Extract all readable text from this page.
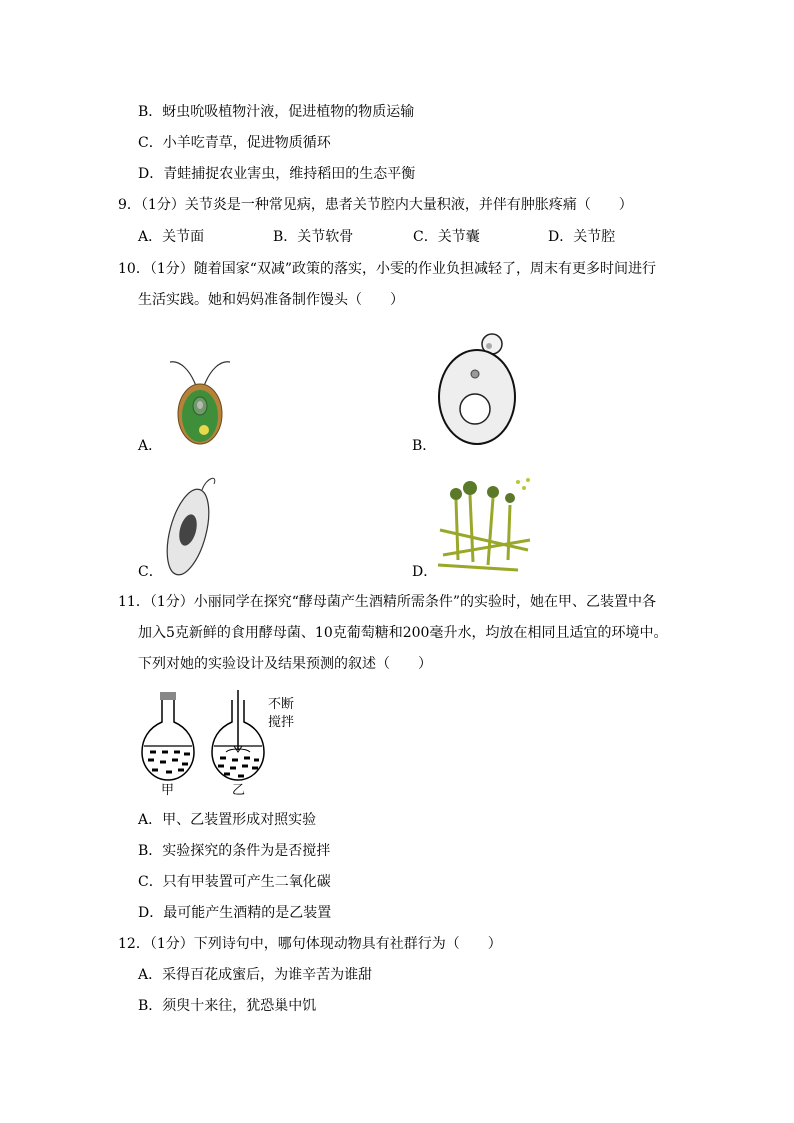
B．蚜虫吮吸植物汁液，促进植物的物质运输
C．小羊吃青草，促进物质循环
D．青蛙捕捉农业害虫，维持稻田的生态平衡
9．（1分）关节炎是一种常见病，患者关节腔内大量积液，并伴有肿胀疼痛（　　）
A．关节面	B．关节软骨	C．关节囊	D．关节腔
10．（1分）随着国家“双减”政策的落实，小雯的作业负担减轻了，周末有更多时间进行
生活实践。她和妈妈准备制作馒头（　　）
A．	B．
C．	D．
11．（1分）小丽同学在探究“酵母菌产生酒精所需条件”的实验时，她在甲、乙装置中各
加入5克新鲜的食用酵母菌、10克葡萄糖和200毫升水，均放在相同且适宜的环境中。
下列对她的实验设计及结果预测的叙述（　　）
不断
搅拌
甲	乙
A．甲、乙装置形成对照实验
B．实验探究的条件为是否搅拌
C．只有甲装置可产生二氧化碳
D．最可能产生酒精的是乙装置
12．（1分）下列诗句中，哪句体现动物具有社群行为（　　）
A．采得百花成蜜后，为谁辛苦为谁甜
B．须臾十来往，犹恐巢中饥
